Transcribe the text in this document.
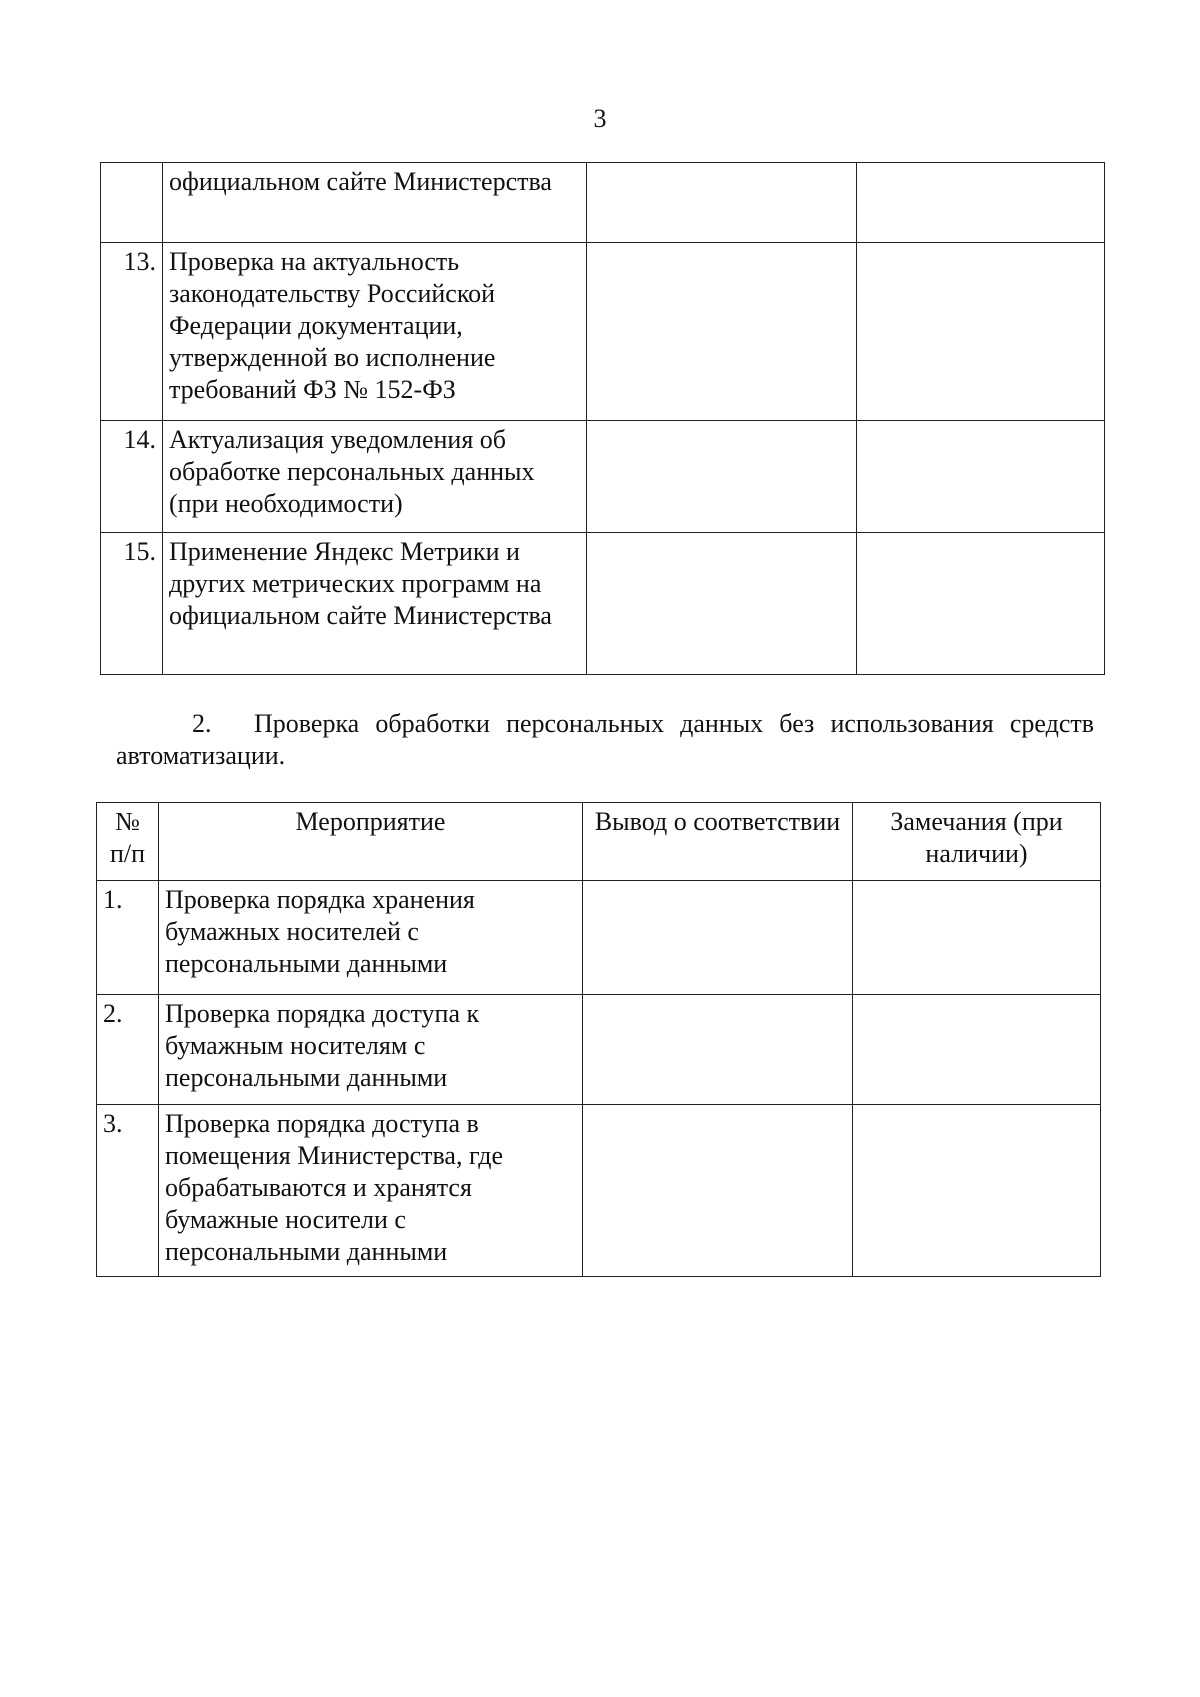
3
	официальном сайте Министерства		
13.	Проверка на актуальность законодательству Российской Федерации документации, утвержденной во исполнение требований ФЗ № 152-ФЗ		
14.	Актуализация уведомления об обработке персональных данных (при необходимости)		
15.	Применение Яндекс Метрики и других метрических программ на официальном сайте Министерства		
2. Проверка обработки персональных данных без использования средств автоматизации.
№ п/п	Мероприятие	Вывод о соответствии	Замечания (при наличии)
1.	Проверка порядка хранения бумажных носителей с персональными данными		
2.	Проверка порядка доступа к бумажным носителям с персональными данными		
3.	Проверка порядка доступа в помещения Министерства, где обрабатываются и хранятся бумажные носители с персональными данными		
